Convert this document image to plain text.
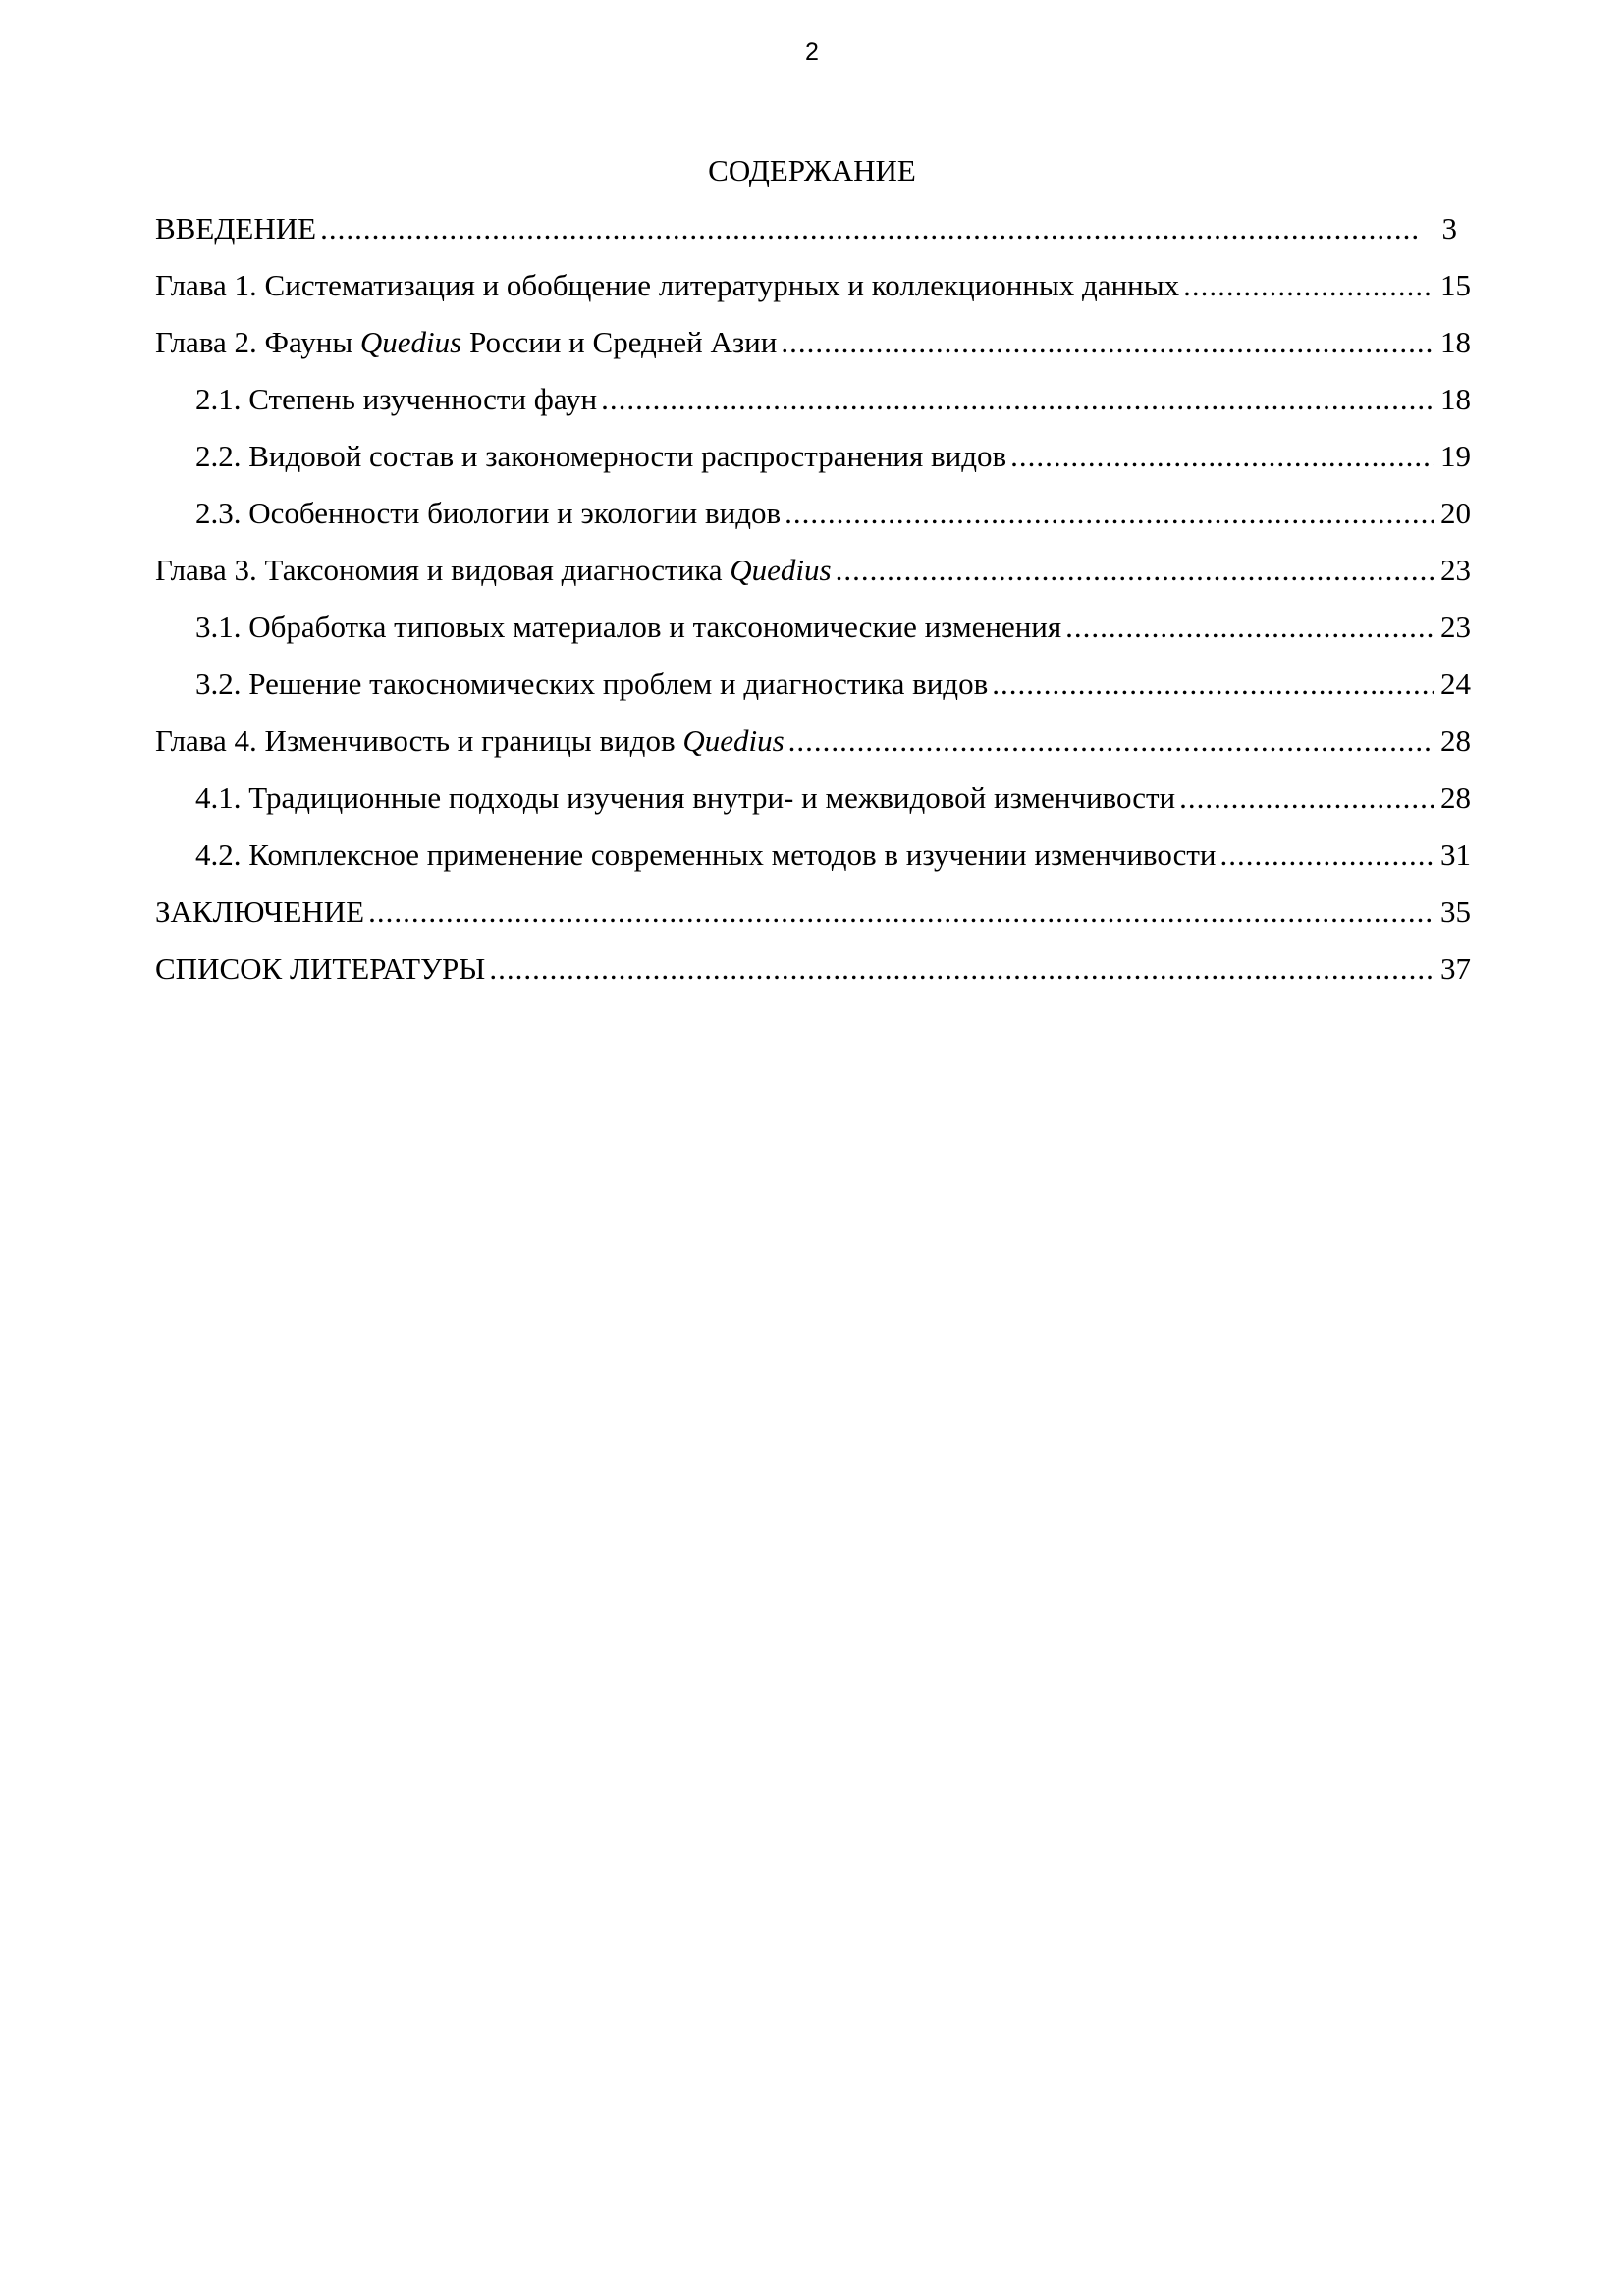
2
СОДЕРЖАНИЕ
ВВЕДЕНИЕ .....	3
Глава 1. Систематизация и обобщение литературных и коллекционных данных .....	15
Глава 2. Фауны Quedius России и Средней Азии .....	18
2.1. Степень изученности фаун .....	18
2.2. Видовой состав и закономерности распространения видов .....	19
2.3. Особенности биологии и экологии видов .....	20
Глава 3. Таксономия и видовая диагностика Quedius .....	23
3.1. Обработка типовых материалов и таксономические изменения .....	23
3.2. Решение такосномических проблем и диагностика видов .....	24
Глава 4. Изменчивость и границы видов Quedius .....	28
4.1. Традиционные подходы изучения внутри- и межвидовой изменчивости .....	28
4.2. Комплексное применение современных методов в изучении изменчивости .....	31
ЗАКЛЮЧЕНИЕ .....	35
СПИСОК ЛИТЕРАТУРЫ .....	37
